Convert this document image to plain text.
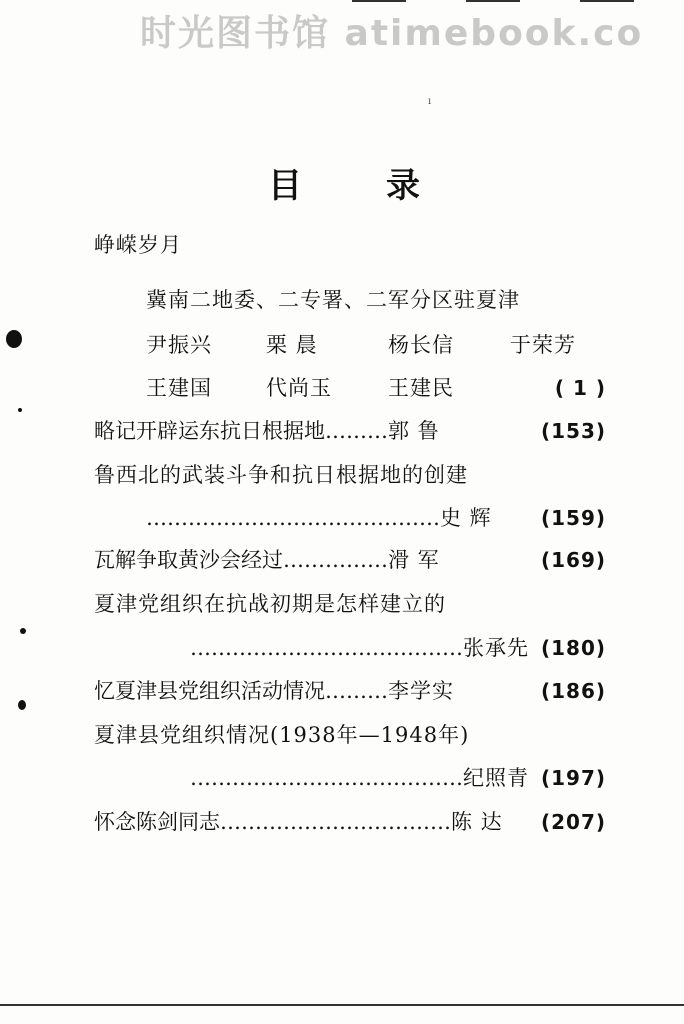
时光图书馆 atimebook.co
ı
目录
峥嵘岁月
冀南二地委、二专署、二军分区驻夏津
尹振兴	栗 晨	杨长信	于荣芳
王建国	代尚玉	王建民	( 1 )
略记开辟运东抗日根据地 ……… 郭 鲁	(153)
鲁西北的武装斗争和抗日根据地的创建
…………………………………… 史 辉 (159)
瓦解争取黄沙会经过 …………… 滑 军	(169)
夏津党组织在抗战初期是怎样建立的
………………………………… 张承先 (180)
忆夏津县党组织活动情况 ……… 李学实	(186)
夏津县党组织情况(1938年—1948年)
………………………………… 纪照青 (197)
怀念陈剑同志 …………………………… 陈 达 (207)
